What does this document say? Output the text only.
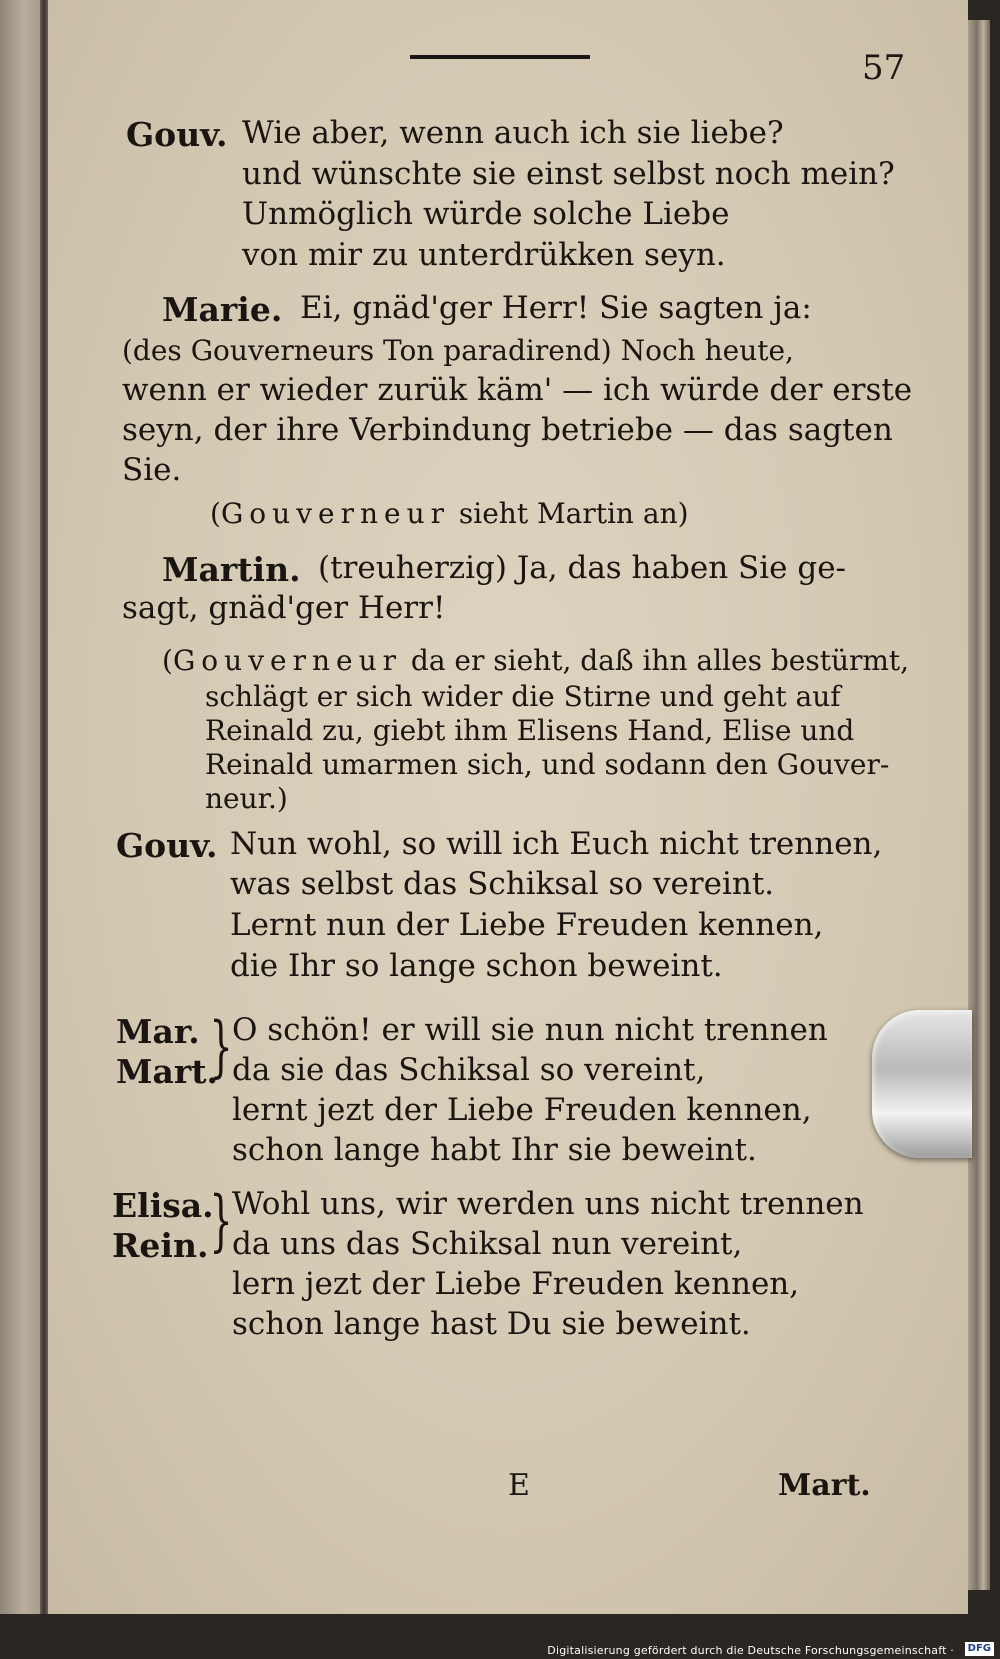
57
Gouv. Wie aber, wenn auch ich sie liebe?
und wünschte sie einst selbst noch mein?
Unmöglich würde solche Liebe
von mir zu unterdrükken seyn.
Marie. Ei, gnäd'ger Herr! Sie sagten ja:
(des Gouverneurs Ton paradirend) Noch heute,
wenn er wieder zurük käm' — ich würde der erste
seyn, der ihre Verbindung betriebe — das sagten
Sie.
(Gouverneur sieht Martin an)
Martin. (treuherzig) Ja, das haben Sie ge-
sagt, gnäd'ger Herr!
(Gouverneur da er sieht, daß ihn alles bestürmt,
schlägt er sich wider die Stirne und geht auf
Reinald zu, giebt ihm Elisens Hand, Elise und
Reinald umarmen sich, und sodann den Gouver-
neur.)
Gouv. Nun wohl, so will ich Euch nicht trennen,
was selbst das Schiksal so vereint.
Lernt nun der Liebe Freuden kennen,
die Ihr so lange schon beweint.
Mar.
Mart.
} O schön! er will sie nun nicht trennen
da sie das Schiksal so vereint,
lernt jezt der Liebe Freuden kennen,
schon lange habt Ihr sie beweint.
Elisa.
Rein. } Wohl uns, wir werden uns nicht trennen
da uns das Schiksal nun vereint,
lern jezt der Liebe Freuden kennen,
schon lange hast Du sie beweint.
E	Mart.
Digitalisierung gefördert durch die Deutsche Forschungsgemeinschaft ·	DFG
